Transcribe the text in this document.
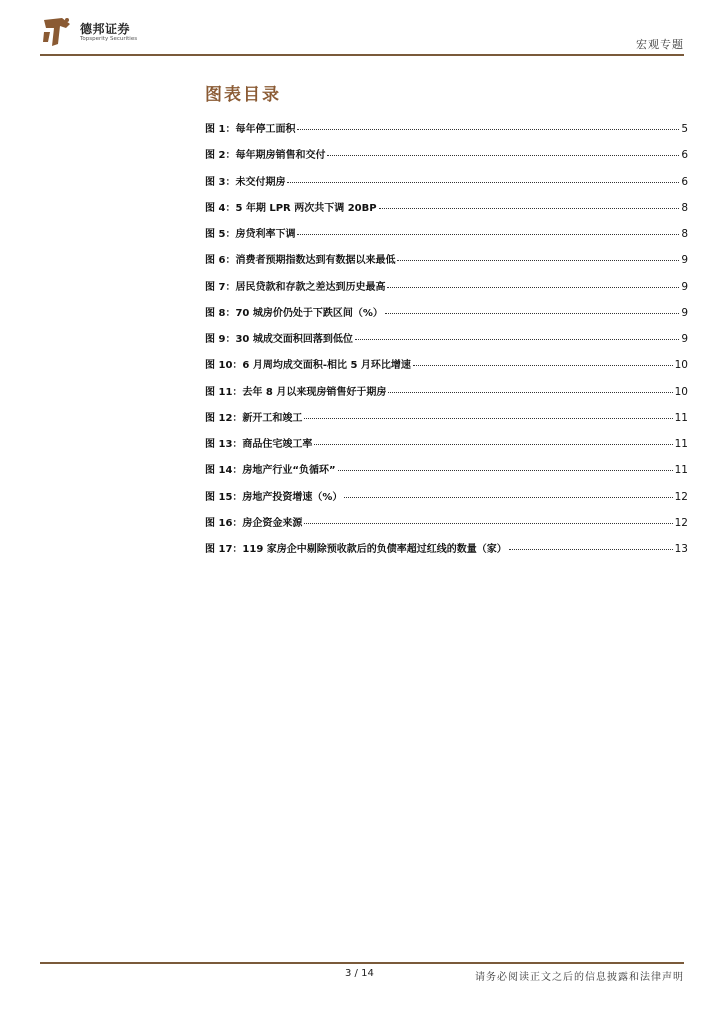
德邦证券
Topsperity Securities	宏观专题
图表目录
图 1：每年停工面积	5
图 2：每年期房销售和交付	6
图 3：未交付期房	6
图 4：5 年期 LPR 两次共下调 20BP	8
图 5：房贷利率下调	8
图 6：消费者预期指数达到有数据以来最低	9
图 7：居民贷款和存款之差达到历史最高	9
图 8：70 城房价仍处于下跌区间（%）	9
图 9：30 城成交面积回落到低位	9
图 10：6 月周均成交面积-相比 5 月环比增速	10
图 11：去年 8 月以来现房销售好于期房	10
图 12：新开工和竣工	11
图 13：商品住宅竣工率	11
图 14：房地产行业“负循环”	11
图 15：房地产投资增速（%）	12
图 16：房企资金来源	12
图 17：119 家房企中剔除预收款后的负债率超过红线的数量（家）	13
3 / 14	请务必阅读正文之后的信息披露和法律声明
